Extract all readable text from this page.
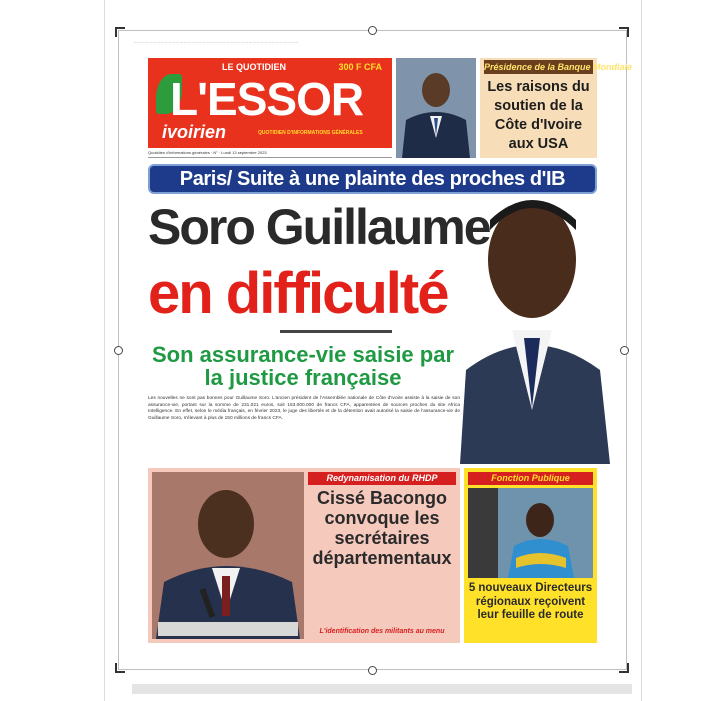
— — — — — — — — — — — — — — — — — — — — — — — — — — — — — — — — — — — — — — — — — — —
LE QUOTIDIEN	300 F CFA
L'ESSOR
ivoirien	QUOTIDIEN D'INFORMATIONS GÉNÉRALES
Quotidien d'informations générales · N° · Lundi 13 septembre 2023
Présidence de la Banque Mondiale
Les raisons du soutien de la Côte d'Ivoire aux USA
Paris/ Suite à une plainte des proches d'IB
Soro Guillaume
en difficulté
Son assurance-vie saisie par la justice française
Les nouvelles ne sont pas bonnes pour Guillaume Soro. L'ancien président de l'Assemblée nationale de Côte d'Ivoire assiste à la saisie de son assurance-vie, portant sur la somme de 231.021 euros, soit 153.000.000 de francs CFA, apparentées de sources proches du site Africa Intelligence. En effet, selon le média français, en février 2023, le juge des libertés et de la détention avait autorisé la saisie de l'assurance-vie de Guillaume Soro, s'élevant à plus de 150 millions de francs CFA.
Redynamisation du RHDP
Cissé Bacongo convoque les secrétaires départementaux
L'identification des militants au menu
Fonction Publique
5 nouveaux Directeurs régionaux reçoivent leur feuille de route
